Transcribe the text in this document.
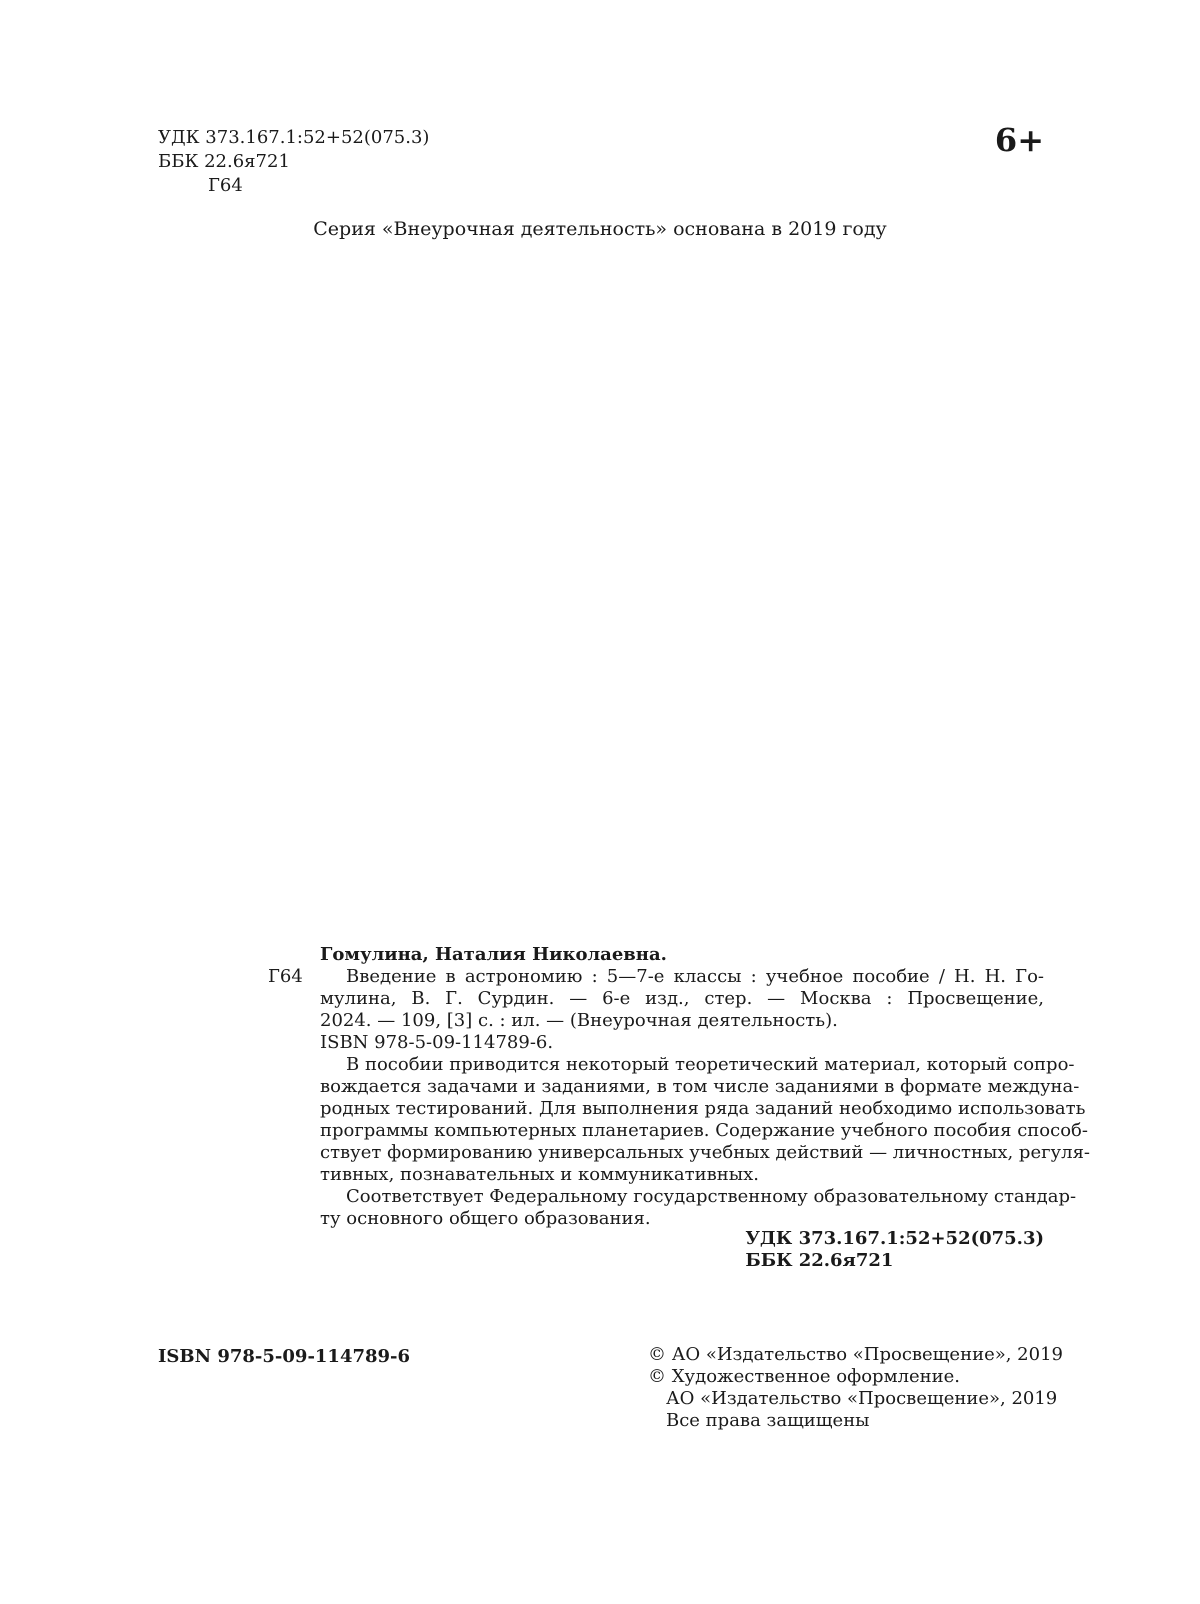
УДК 373.167.1:52+52(075.3)
ББК 22.6я721
Г64
6+
Серия «Внеурочная деятельность» основана в 2019 году
Г64
Гомулина, Наталия Николаевна.
Введение в астрономию : 5—7-е классы : учебное пособие / Н. Н. Го-
мулина, В. Г. Сурдин. — 6-е изд., стер. — Москва : Просвещение,
2024. — 109, [3] с. : ил. — (Внеурочная деятельность).
ISBN 978-5-09-114789-6.
В пособии приводится некоторый теоретический материал, который сопро-
вождается задачами и заданиями, в том числе заданиями в формате междуна-
родных тестирований. Для выполнения ряда заданий необходимо использовать
программы компьютерных планетариев. Содержание учебного пособия способ-
ствует формированию универсальных учебных действий — личностных, регуля-
тивных, познавательных и коммуникативных.
Соответствует Федеральному государственному образовательному стандар-
ту основного общего образования.
УДК 373.167.1:52+52(075.3)
ББК 22.6я721
ISBN 978-5-09-114789-6	© АО «Издательство «Просвещение», 2019
© Художественное оформление.
АО «Издательство «Просвещение», 2019
Все права защищены
